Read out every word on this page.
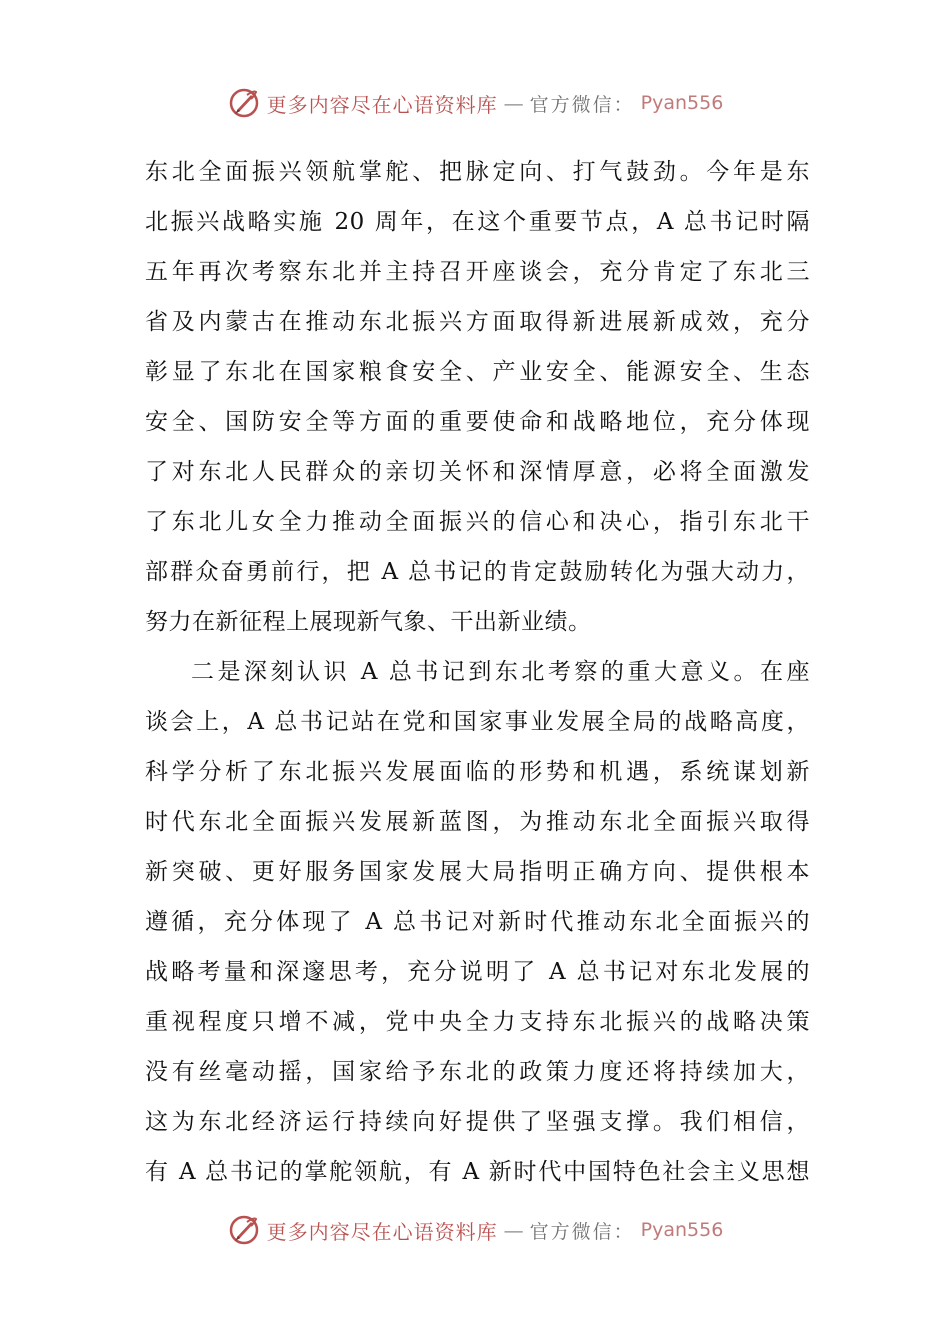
更多内容尽在心语资料库 — 官方微信： Pyan556
东北全面振兴领航掌舵、把脉定向、打气鼓劲。今年是东
北振兴战略实施 20 周年，在这个重要节点，A 总书记时隔
五年再次考察东北并主持召开座谈会，充分肯定了东北三
省及内蒙古在推动东北振兴方面取得新进展新成效，充分
彰显了东北在国家粮食安全、产业安全、能源安全、生态
安全、国防安全等方面的重要使命和战略地位，充分体现
了对东北人民群众的亲切关怀和深情厚意，必将全面激发
了东北儿女全力推动全面振兴的信心和决心，指引东北干
部群众奋勇前行，把 A 总书记的肯定鼓励转化为强大动力，
努力在新征程上展现新气象、干出新业绩。
二是深刻认识 A 总书记到东北考察的重大意义。在座
谈会上，A 总书记站在党和国家事业发展全局的战略高度，
科学分析了东北振兴发展面临的形势和机遇，系统谋划新
时代东北全面振兴发展新蓝图，为推动东北全面振兴取得
新突破、更好服务国家发展大局指明正确方向、提供根本
遵循，充分体现了 A 总书记对新时代推动东北全面振兴的
战略考量和深邃思考，充分说明了 A 总书记对东北发展的
重视程度只增不减，党中央全力支持东北振兴的战略决策
没有丝毫动摇，国家给予东北的政策力度还将持续加大，
这为东北经济运行持续向好提供了坚强支撑。我们相信，
有 A 总书记的掌舵领航，有 A 新时代中国特色社会主义思想
更多内容尽在心语资料库 — 官方微信： Pyan556
